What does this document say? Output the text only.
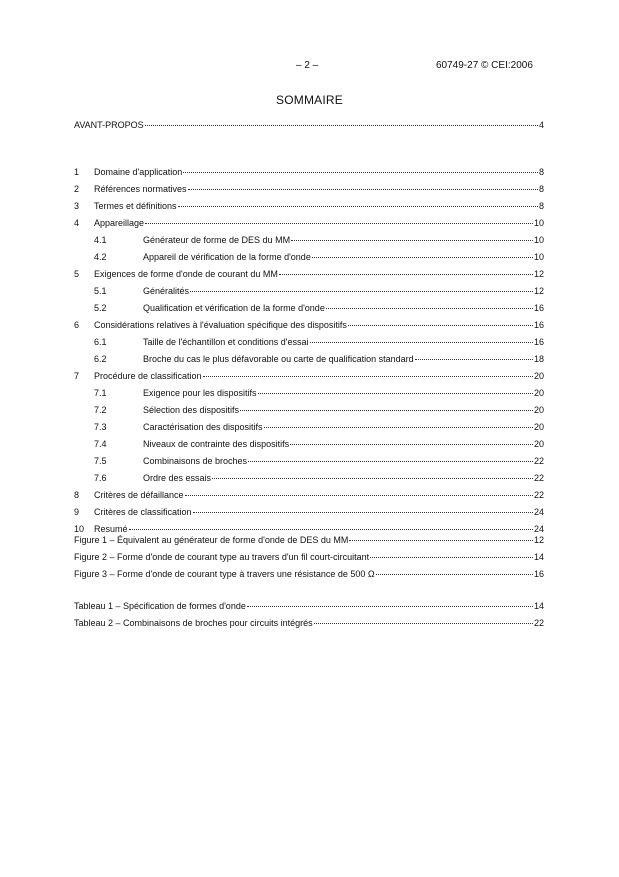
– 2 –	60749-27 © CEI:2006
SOMMAIRE
AVANT-PROPOS	4
1	Domaine d'application	8
2	Références normatives	8
3	Termes et définitions	8
4	Appareillage	10
4.1	Générateur de forme de DES du MM	10
4.2	Appareil de vérification de la forme d'onde	10
5	Exigences de forme d'onde de courant du MM	12
5.1	Généralités	12
5.2	Qualification et vérification de la forme d'onde	16
6	Considérations relatives à l'évaluation spécifique des dispositifs	16
6.1	Taille de l'échantillon et conditions d'essai	16
6.2	Broche du cas le plus défavorable ou carte de qualification standard	18
7	Procédure de classification	20
7.1	Exigence pour les dispositifs	20
7.2	Sélection des dispositifs	20
7.3	Caractérisation des dispositifs	20
7.4	Niveaux de contrainte des dispositifs	20
7.5	Combinaisons de broches	22
7.6	Ordre des essais	22
8	Critères de défaillance	22
9	Critères de classification	24
10	Resumé	24
Figure 1 – Équivalent au générateur de forme d'onde de DES du MM	12
Figure 2 – Forme d'onde de courant type au travers d'un fil court-circuitant	14
Figure 3 – Forme d'onde de courant type à travers une résistance de 500 Ω	16
Tableau 1 – Spécification de formes d'onde	14
Tableau 2 – Combinaisons de broches pour circuits intégrés	22
